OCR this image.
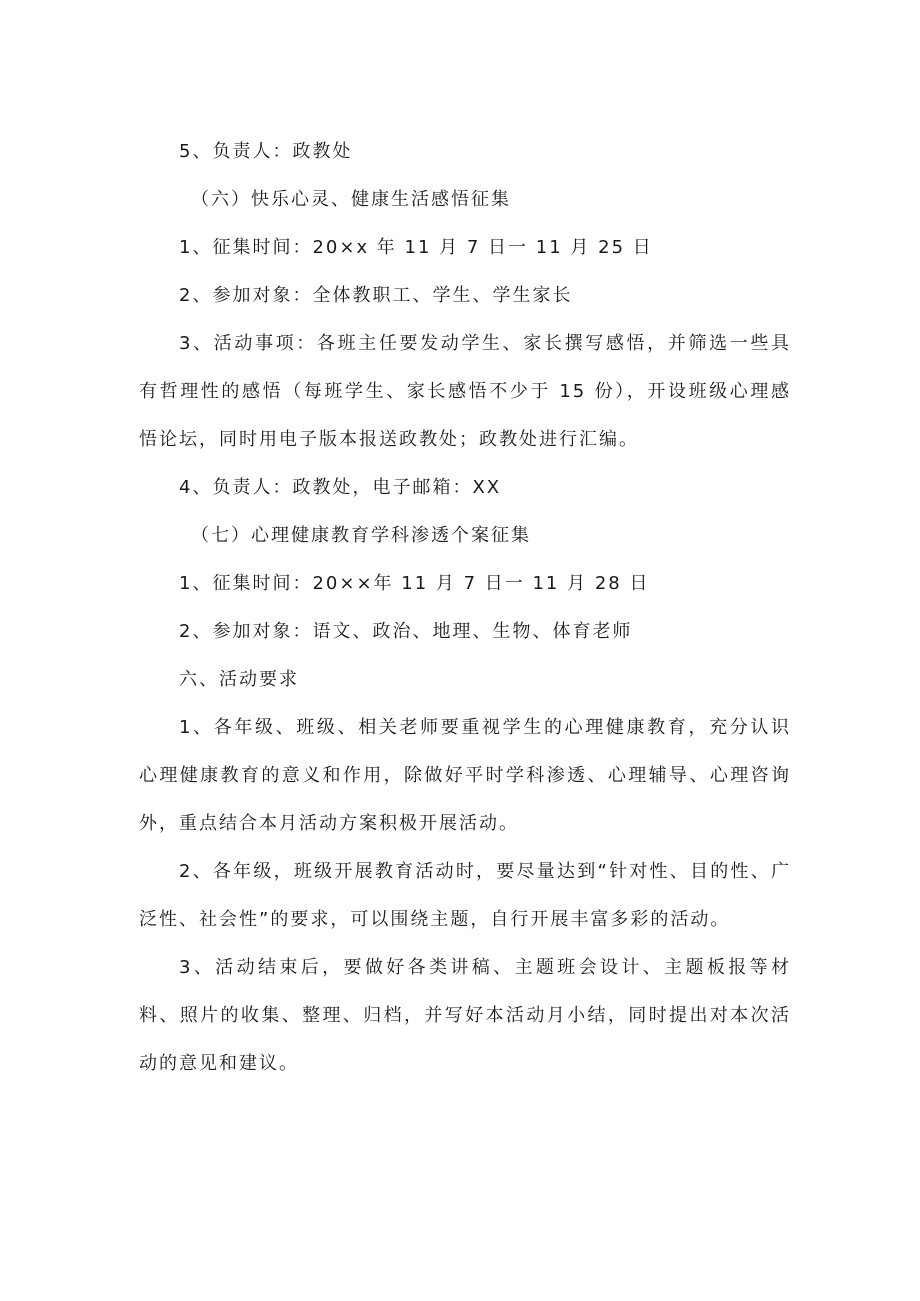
5、负责人：政教处

（六）快乐心灵、健康生活感悟征集

1、征集时间：20×x 年 11 月 7 日一 11 月 25 日

2、参加对象：全体教职工、学生、学生家长

3、活动事项：各班主任要发动学生、家长撰写感悟，并筛选一些具有哲理性的感悟（每班学生、家长感悟不少于 15 份），开设班级心理感悟论坛，同时用电子版本报送政教处；政教处进行汇编。

4、负责人：政教处，电子邮箱：XX

（七）心理健康教育学科渗透个案征集

1、征集时间：20××年 11 月 7 日一 11 月 28 日

2、参加对象：语文、政治、地理、生物、体育老师

六、活动要求

1、各年级、班级、相关老师要重视学生的心理健康教育，充分认识心理健康教育的意义和作用，除做好平时学科渗透、心理辅导、心理咨询外，重点结合本月活动方案积极开展活动。

2、各年级，班级开展教育活动时，要尽量达到“针对性、目的性、广泛性、社会性”的要求，可以围绕主题，自行开展丰富多彩的活动。

3、活动结束后，要做好各类讲稿、主题班会设计、主题板报等材料、照片的收集、整理、归档，并写好本活动月小结，同时提出对本次活动的意见和建议。
